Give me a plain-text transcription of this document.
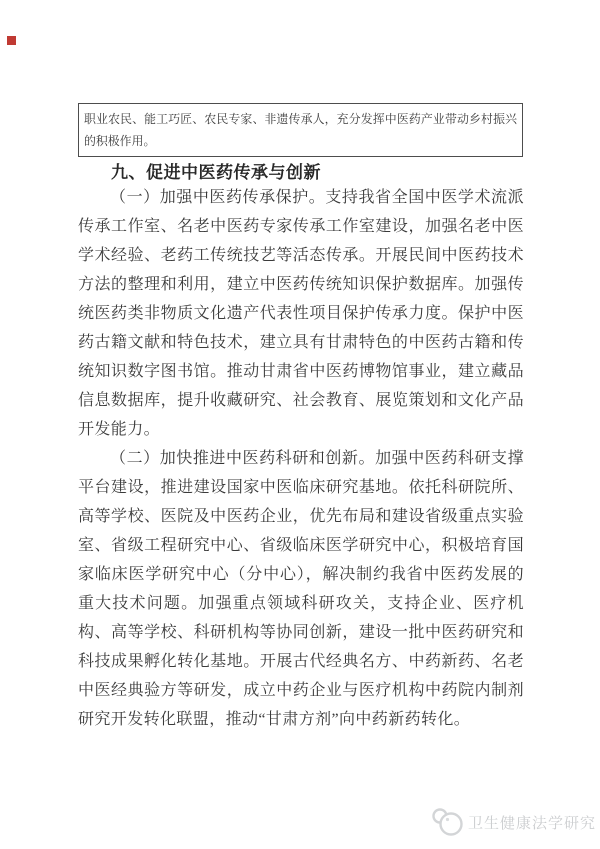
职业农民、能工巧匠、农民专家、非遗传承人，充分发挥中医药产业带动乡村振兴的积极作用。
九、促进中医药传承与创新

（一）加强中医药传承保护。支持我省全国中医学术流派传承工作室、名老中医药专家传承工作室建设，加强名老中医学术经验、老药工传统技艺等活态传承。开展民间中医药技术方法的整理和利用，建立中医药传统知识保护数据库。加强传统医药类非物质文化遗产代表性项目保护传承力度。保护中医药古籍文献和特色技术，建立具有甘肃特色的中医药古籍和传统知识数字图书馆。推动甘肃省中医药博物馆事业，建立藏品信息数据库，提升收藏研究、社会教育、展览策划和文化产品开发能力。

（二）加快推进中医药科研和创新。加强中医药科研支撑平台建设，推进建设国家中医临床研究基地。依托科研院所、高等学校、医院及中医药企业，优先布局和建设省级重点实验室、省级工程研究中心、省级临床医学研究中心，积极培育国家临床医学研究中心（分中心），解决制约我省中医药发展的重大技术问题。加强重点领域科研攻关，支持企业、医疗机构、高等学校、科研机构等协同创新，建设一批中医药研究和科技成果孵化转化基地。开展古代经典名方、中药新药、名老中医经典验方等研发，成立中药企业与医疗机构中药院内制剂研究开发转化联盟，推动“甘肃方剂”向中药新药转化。

卫生健康法学研究
